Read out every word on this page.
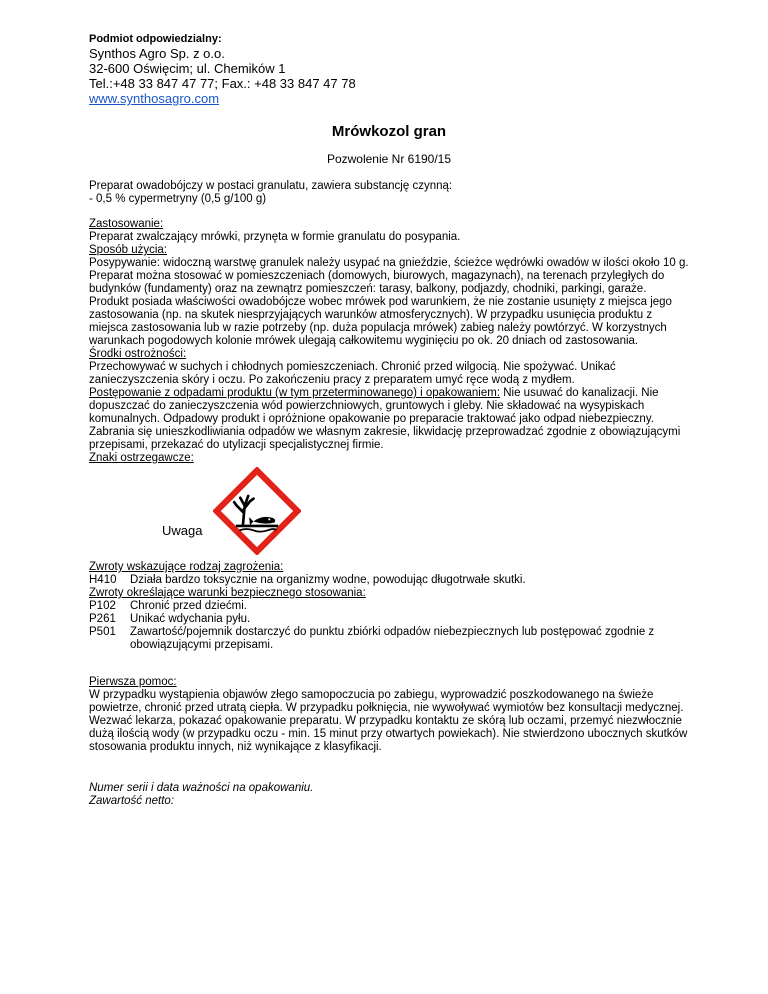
Podmiot odpowiedzialny:
Synthos Agro Sp. z o.o.
32-600 Oświęcim; ul. Chemików 1
Tel.:+48 33 847 47 77; Fax.: +48 33 847 47 78
www.synthosagro.com
Mrówkozol gran
Pozwolenie Nr 6190/15
Preparat owadobójczy w postaci granulatu, zawiera substancję czynną:
- 0,5 % cypermetryny (0,5 g/100 g)
Zastosowanie:
Preparat zwalczający mrówki, przynęta w formie granulatu do posypania.
Sposób użycia:
Posypywanie: widoczną warstwę granulek należy usypać na gnieździe, ścieżce wędrówki owadów w ilości około 10 g. Preparat można stosować w pomieszczeniach (domowych, biurowych, magazynach), na terenach przyległych do budynków (fundamenty) oraz na zewnątrz pomieszczeń: tarasy, balkony, podjazdy, chodniki, parkingi, garaże. Produkt posiada właściwości owadobójcze wobec mrówek pod warunkiem, że nie zostanie usunięty z miejsca jego zastosowania (np. na skutek niesprzyjających warunków atmosferycznych). W przypadku usunięcia produktu z miejsca zastosowania lub w razie potrzeby (np. duża populacja mrówek) zabieg należy powtórzyć. W korzystnych warunkach pogodowych kolonie mrówek ulegają całkowitemu wyginięciu po ok. 20 dniach od zastosowania.
Środki ostrożności:
Przechowywać w suchych i chłodnych pomieszczeniach. Chronić przed wilgocią. Nie spożywać. Unikać zanieczyszczenia skóry i oczu. Po zakończeniu pracy z preparatem umyć ręce wodą z mydłem.
Postępowanie z odpadami produktu (w tym przeterminowanego) i opakowaniem: Nie usuwać do kanalizacji. Nie dopuszczać do zanieczyszczenia wód powierzchniowych, gruntowych i gleby. Nie składować na wysypiskach komunalnych. Odpadowy produkt i opróżnione opakowanie po preparacie traktować jako odpad niebezpieczny. Zabrania się unieszkodliwiania odpadów we własnym zakresie, likwidację przeprowadzać zgodnie z obowiązującymi przepisami, przekazać do utylizacji specjalistycznej firmie.
Znaki ostrzegawcze:
Uwaga
Zwroty wskazujące rodzaj zagrożenia:
H410	Działa bardzo toksycznie na organizmy wodne, powodując długotrwałe skutki.
Zwroty określające warunki bezpiecznego stosowania:
P102	Chronić przed dziećmi.
P261	Unikać wdychania pyłu.
P501	Zawartość/pojemnik dostarczyć do punktu zbiórki odpadów niebezpiecznych lub postępować zgodnie z obowiązującymi przepisami.
Pierwsza pomoc:
W przypadku wystąpienia objawów złego samopoczucia po zabiegu, wyprowadzić poszkodowanego na świeże powietrze, chronić przed utratą ciepła. W przypadku połknięcia, nie wywoływać wymiotów bez konsultacji medycznej. Wezwać lekarza, pokazać opakowanie preparatu. W przypadku kontaktu ze skórą lub oczami, przemyć niezwłocznie dużą ilością wody (w przypadku oczu - min. 15 minut przy otwartych powiekach). Nie stwierdzono ubocznych skutków stosowania produktu innych, niż wynikające z klasyfikacji.
Numer serii i data ważności na opakowaniu.
Zawartość netto:
